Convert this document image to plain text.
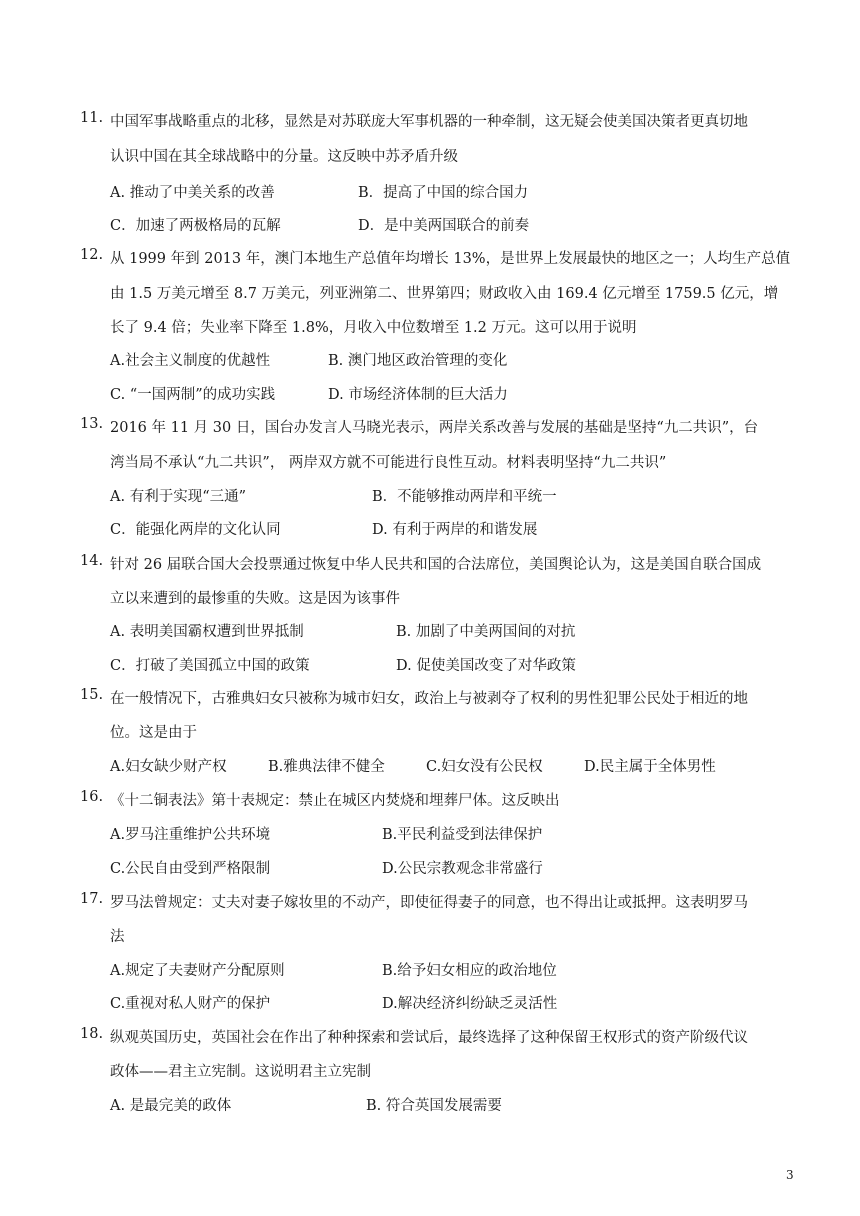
11. 中国军事战略重点的北移，显然是对苏联庞大军事机器的一种牵制，这无疑会使美国决策者更真切地
认识中国在其全球战略中的分量。这反映中苏矛盾升级
A. 推动了中美关系的改善	B．提高了中国的综合国力
C．加速了两极格局的瓦解	D．是中美两国联合的前奏
12. 从 1999 年到 2013 年，澳门本地生产总值年均增长 13%，是世界上发展最快的地区之一；人均生产总值
由 1.5 万美元增至 8.7 万美元，列亚洲第二、世界第四；财政收入由 169.4 亿元增至 1759.5 亿元，增
长了 9.4 倍；失业率下降至 1.8%，月收入中位数增至 1.2 万元。这可以用于说明
A.社会主义制度的优越性	B. 澳门地区政治管理的变化
C. “一国两制”的成功实践	D. 市场经济体制的巨大活力
13. 2016 年 11 月 30 日，国台办发言人马晓光表示，两岸关系改善与发展的基础是坚持“九二共识”，台
湾当局不承认“九二共识”， 两岸双方就不可能进行良性互动。材料表明坚持“九二共识”
A. 有利于实现“三通”	B．不能够推动两岸和平统一
C．能强化两岸的文化认同	D. 有利于两岸的和谐发展
14. 针对 26 届联合国大会投票通过恢复中华人民共和国的合法席位，美国舆论认为，这是美国自联合国成
立以来遭到的最惨重的失败。这是因为该事件
A. 表明美国霸权遭到世界抵制	B. 加剧了中美两国间的对抗
C．打破了美国孤立中国的政策	D. 促使美国改变了对华政策
15. 在一般情况下，古雅典妇女只被称为城市妇女，政治上与被剥夺了权利的男性犯罪公民处于相近的地
位。这是由于
A.妇女缺少财产权	B.雅典法律不健全	C.妇女没有公民权	D.民主属于全体男性
16. 《十二铜表法》第十表规定：禁止在城区内焚烧和埋葬尸体。这反映出
A.罗马注重维护公共环境	B.平民利益受到法律保护
C.公民自由受到严格限制	D.公民宗教观念非常盛行
17. 罗马法曾规定：丈夫对妻子嫁妆里的不动产，即使征得妻子的同意，也不得出让或抵押。这表明罗马
法
A.规定了夫妻财产分配原则	B.给予妇女相应的政治地位
C.重视对私人财产的保护	D.解决经济纠纷缺乏灵活性
18. 纵观英国历史，英国社会在作出了种种探索和尝试后，最终选择了这种保留王权形式的资产阶级代议
政体——君主立宪制。这说明君主立宪制
A. 是最完美的政体	B. 符合英国发展需要
3
